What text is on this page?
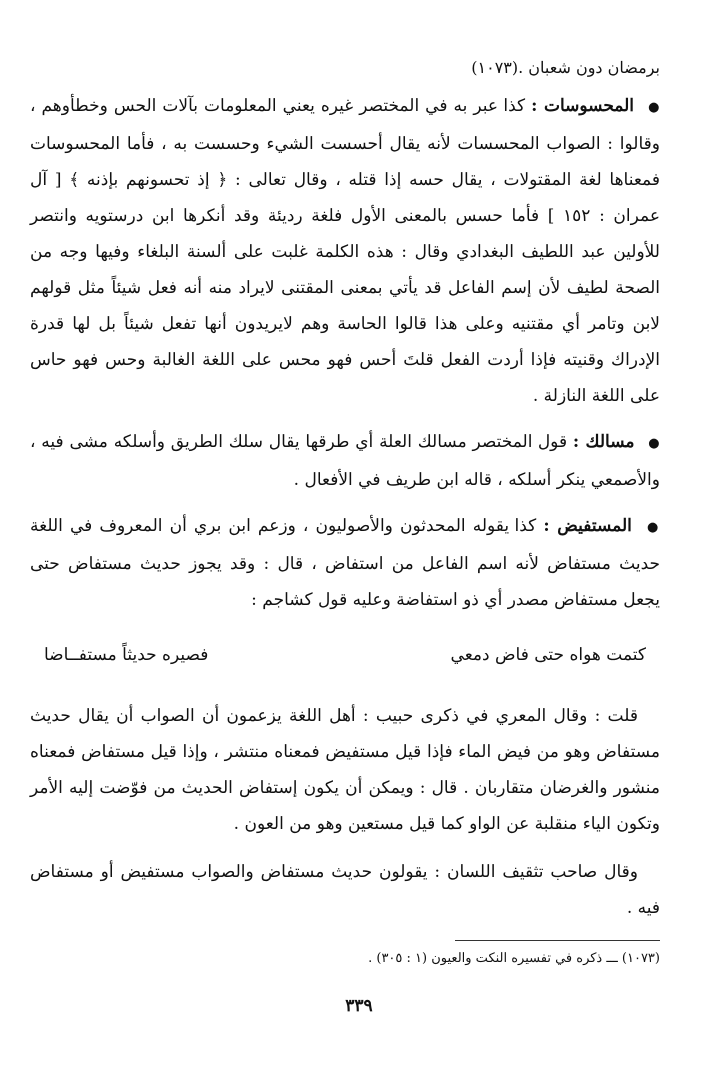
برمضان دون شعبان .(١٠٧٣)

● المحسوسات : كذا عبر به في المختصر غيره يعني المعلومات بآلات الحس وخطأوهم ، وقالوا : الصواب المحسسات لأنه يقال أحسست الشيء وحسست به ، فأما المحسوسات فمعناها لغة المقتولات ، يقال حسه إذا قتله ، وقال تعالى : ﴿ إذ تحسونهم بإذنه ﴾ [ آل عمران : ١٥٢ ] فأما حسس بالمعنى الأول فلغة رديئة وقد أنكرها ابن درستويه وانتصر للأولين عبد اللطيف البغدادي وقال : هذه الكلمة غلبت على ألسنة البلغاء وفيها وجه من الصحة لطيف لأن إسم الفاعل قد يأتي بمعنى المقتنى لايراد منه أنه فعل شيئاً مثل قولهم لابن وتامر أي مقتنيه وعلى هذا قالوا الحاسة وهم لايريدون أنها تفعل شيئاً بل لها قدرة الإدراك وقنيته فإذا أردت الفعل قلتَ أحس فهو محس على اللغة الغالبة وحس فهو حاس على اللغة النازلة .

● مسالك : قول المختصر مسالك العلة أي طرقها يقال سلك الطريق وأسلكه مشى فيه ، والأصمعي ينكر أسلكه ، قاله ابن طريف في الأفعال .

● المستفيض : كذا يقوله المحدثون والأصوليون ، وزعم ابن بري أن المعروف في اللغة حديث مستفاض لأنه اسم الفاعل من استفاض ، قال : وقد يجوز حديث مستفاض حتى يجعل مستفاض مصدر أي ذو استفاضة وعليه قول كشاجم :

كتمت هواه حتى فاض دمعي
فصيره حديثاً مستفــاضا

قلت : وقال المعري في ذكرى حبيب : أهل اللغة يزعمون أن الصواب أن يقال حديث مستفاض وهو من فيض الماء فإذا قيل مستفيض فمعناه منتشر ، وإذا قيل مستفاض فمعناه منشور والغرضان متقاربان . قال : ويمكن أن يكون إستفاض الحديث من فوّضت إليه الأمر وتكون الياء منقلبة عن الواو كما قيل مستعين وهو من العون .

وقال صاحب تثقيف اللسان : يقولون حديث مستفاض والصواب مستفيض أو مستفاض فيه .

(١٠٧٣) ـــ ذكره في تفسيره النكت والعيون (١ : ٣٠٥) .

٣٣٩
